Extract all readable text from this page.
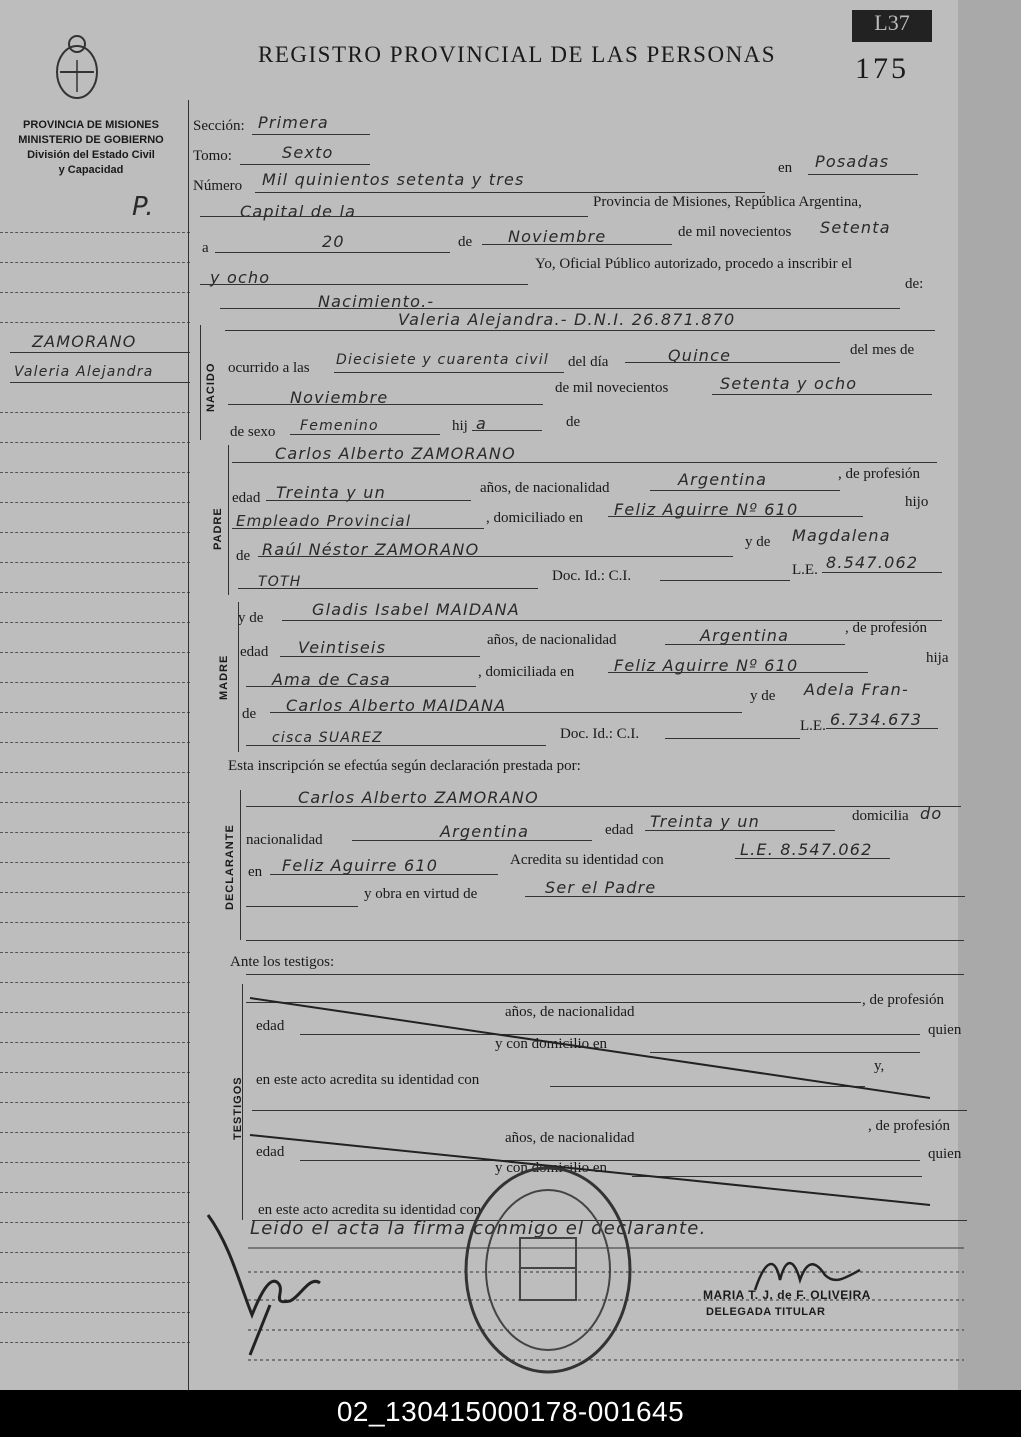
PROVINCIA DE MISIONES
MINISTERIO DE GOBIERNO
División del Estado Civil
y Capacidad
P.
REGISTRO PROVINCIAL DE LAS PERSONAS
L37
175
ZAMORANO
Valeria Alejandra
Sección: Primera
Tomo:	Sexto
Número Mil quinientos setenta y tres
en Posadas
Capital de la	Provincia de Misiones, República Argentina,
a	20	de Noviembre	de mil novecientos Setenta
y ocho
Yo, Oficial Público autorizado, procedo a inscribir el
Nacimiento.-
de:
NACIDO
Valeria Alejandra.- D.N.I. 26.871.870
ocurrido a las Diecisiete y cuarenta civil del día	Quince	del mes de
Noviembre	de mil novecientos	Setenta y ocho
de sexo Femenino	hij a	de
PADRE
Carlos Alberto ZAMORANO
edad Treinta y un	años, de nacionalidad	Argentina	, de profesión
Empleado Provincial	, domiciliado en Feliz Aguirre Nº 610	hijo
de Raúl Néstor ZAMORANO	y de Magdalena
TOTH	Doc. Id.: C.I.	L.E. 8.547.062
MADRE
y de	Gladis Isabel MAIDANA
edad Veintiseis	años, de nacionalidad	Argentina	, de profesión
Ama de Casa	, domiciliada en Feliz Aguirre Nº 610	hija
de Carlos Alberto MAIDANA	y de Adela Fran-
cisca SUAREZ	Doc. Id.: C.I.	L.E. 6.734.673
Esta inscripción se efectúa según declaración prestada por:
DECLARANTE
Carlos Alberto ZAMORANO
nacionalidad	Argentina	edad Treinta y un	domicilia do
en Feliz Aguirre 610	Acredita su identidad con
L.E. 8.547.062
y obra en virtud de	Ser el Padre
Ante los testigos:
TESTIGOS
años, de nacionalidad
, de profesión
edad	quien
y con domicilio en
en este acto acredita su identidad con
y,
años, de nacionalidad
, de profesión
edad	quien
y con domicilio en
en este acto acredita su identidad con
Leido el acta la firma conmigo el declarante.
MARIA T. J. de F. OLIVEIRA
DELEGADA TITULAR
02_130415000178-001645
